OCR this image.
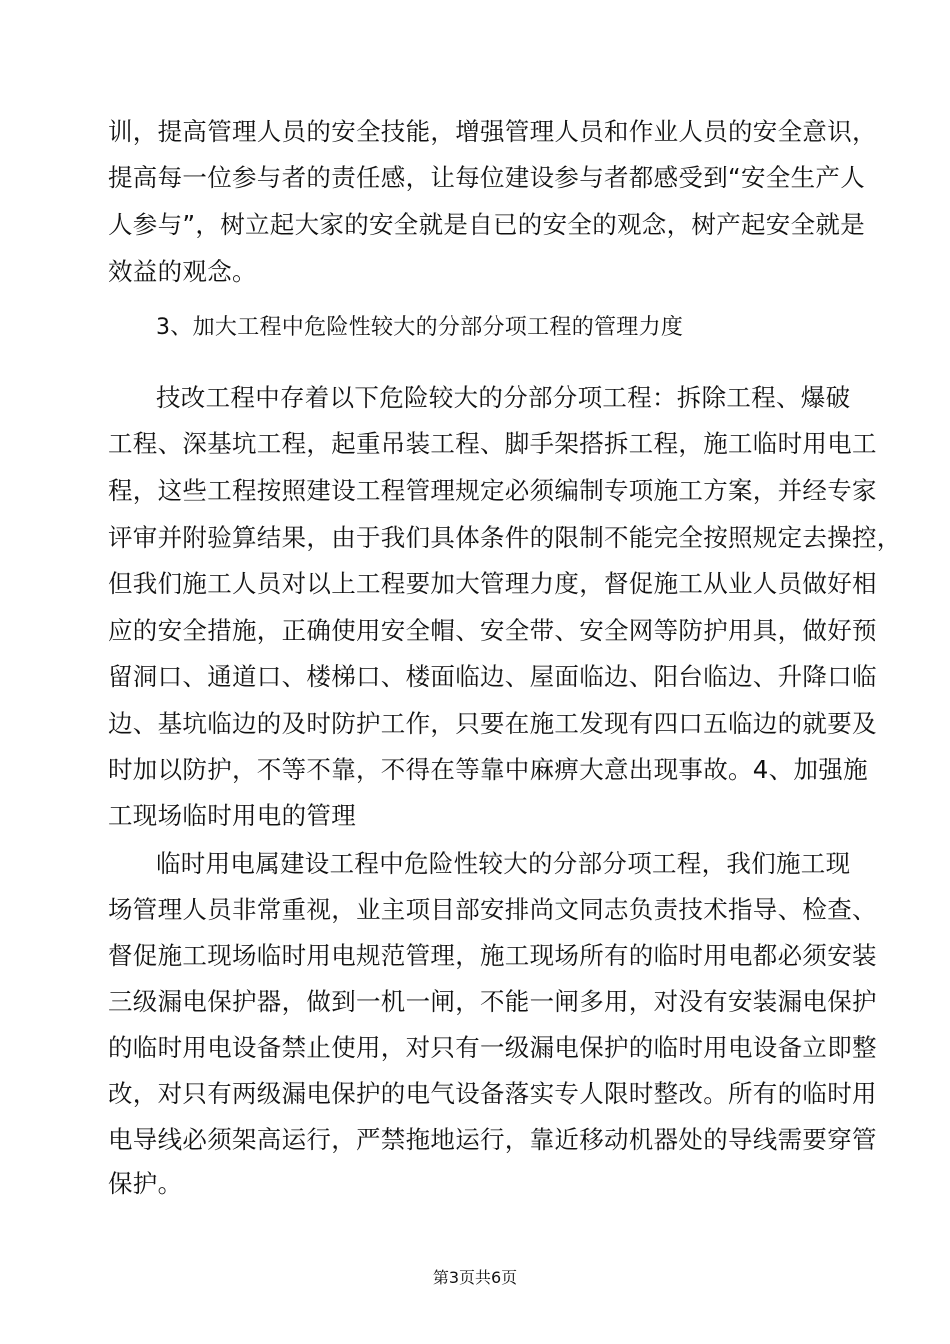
训，提高管理人员的安全技能，增强管理人员和作业人员的安全意识，
提高每一位参与者的责任感，让每位建设参与者都感受到“安全生产人
人参与”，树立起大家的安全就是自已的安全的观念，树产起安全就是
效益的观念。
3、加大工程中危险性较大的分部分项工程的管理力度
技改工程中存着以下危险较大的分部分项工程：拆除工程、爆破
工程、深基坑工程，起重吊装工程、脚手架搭拆工程，施工临时用电工
程，这些工程按照建设工程管理规定必须编制专项施工方案，并经专家
评审并附验算结果，由于我们具体条件的限制不能完全按照规定去操控，
但我们施工人员对以上工程要加大管理力度，督促施工从业人员做好相
应的安全措施，正确使用安全帽、安全带、安全网等防护用具，做好预
留洞口、通道口、楼梯口、楼面临边、屋面临边、阳台临边、升降口临
边、基坑临边的及时防护工作，只要在施工发现有四口五临边的就要及
时加以防护，不等不靠，不得在等靠中麻痹大意出现事故。4、加强施
工现场临时用电的管理
临时用电属建设工程中危险性较大的分部分项工程，我们施工现
场管理人员非常重视，业主项目部安排尚文同志负责技术指导、检查、
督促施工现场临时用电规范管理，施工现场所有的临时用电都必须安装
三级漏电保护器，做到一机一闸，不能一闸多用，对没有安装漏电保护
的临时用电设备禁止使用，对只有一级漏电保护的临时用电设备立即整
改，对只有两级漏电保护的电气设备落实专人限时整改。所有的临时用
电导线必须架高运行，严禁拖地运行，靠近移动机器处的导线需要穿管
保护。
第3页共6页
